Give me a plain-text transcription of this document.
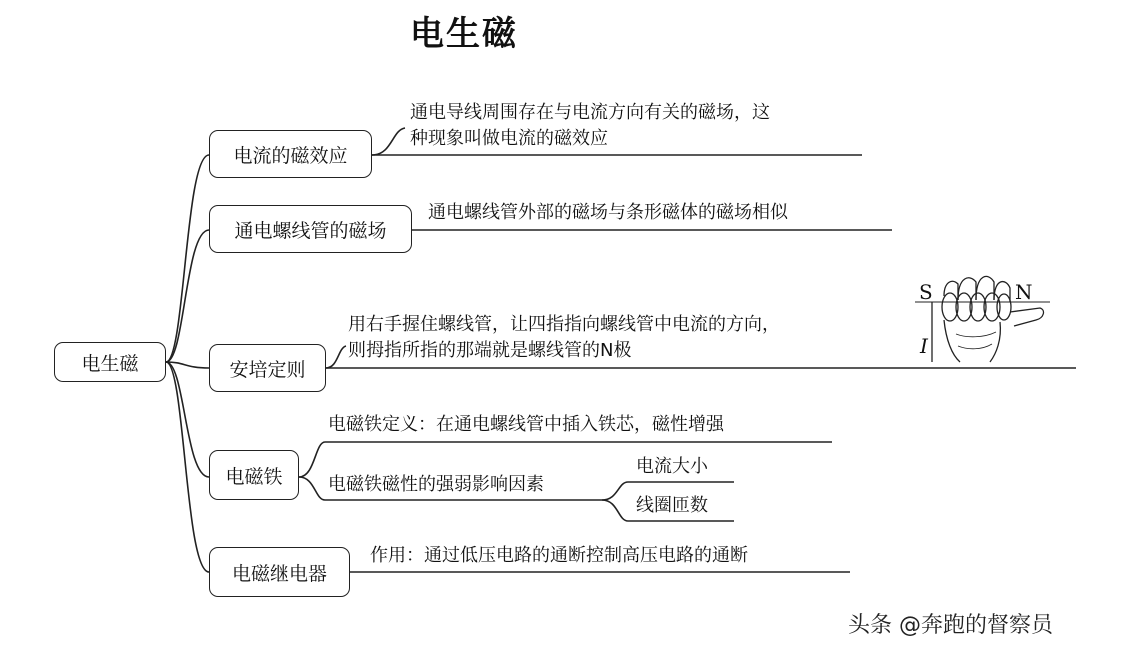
电生磁
电生磁
电流的磁效应
通电螺线管的磁场
安培定则
电磁铁
电磁继电器
通电导线周围存在与电流方向有关的磁场，这
种现象叫做电流的磁效应
通电螺线管外部的磁场与条形磁体的磁场相似
用右手握住螺线管，让四指指向螺线管中电流的方向，
则拇指所指的那端就是螺线管的N极
S	N
I
电磁铁定义：在通电螺线管中插入铁芯，磁性增强
电磁铁磁性的强弱影响因素
电流大小
线圈匝数
作用：通过低压电路的通断控制高压电路的通断
头条 @奔跑的督察员
